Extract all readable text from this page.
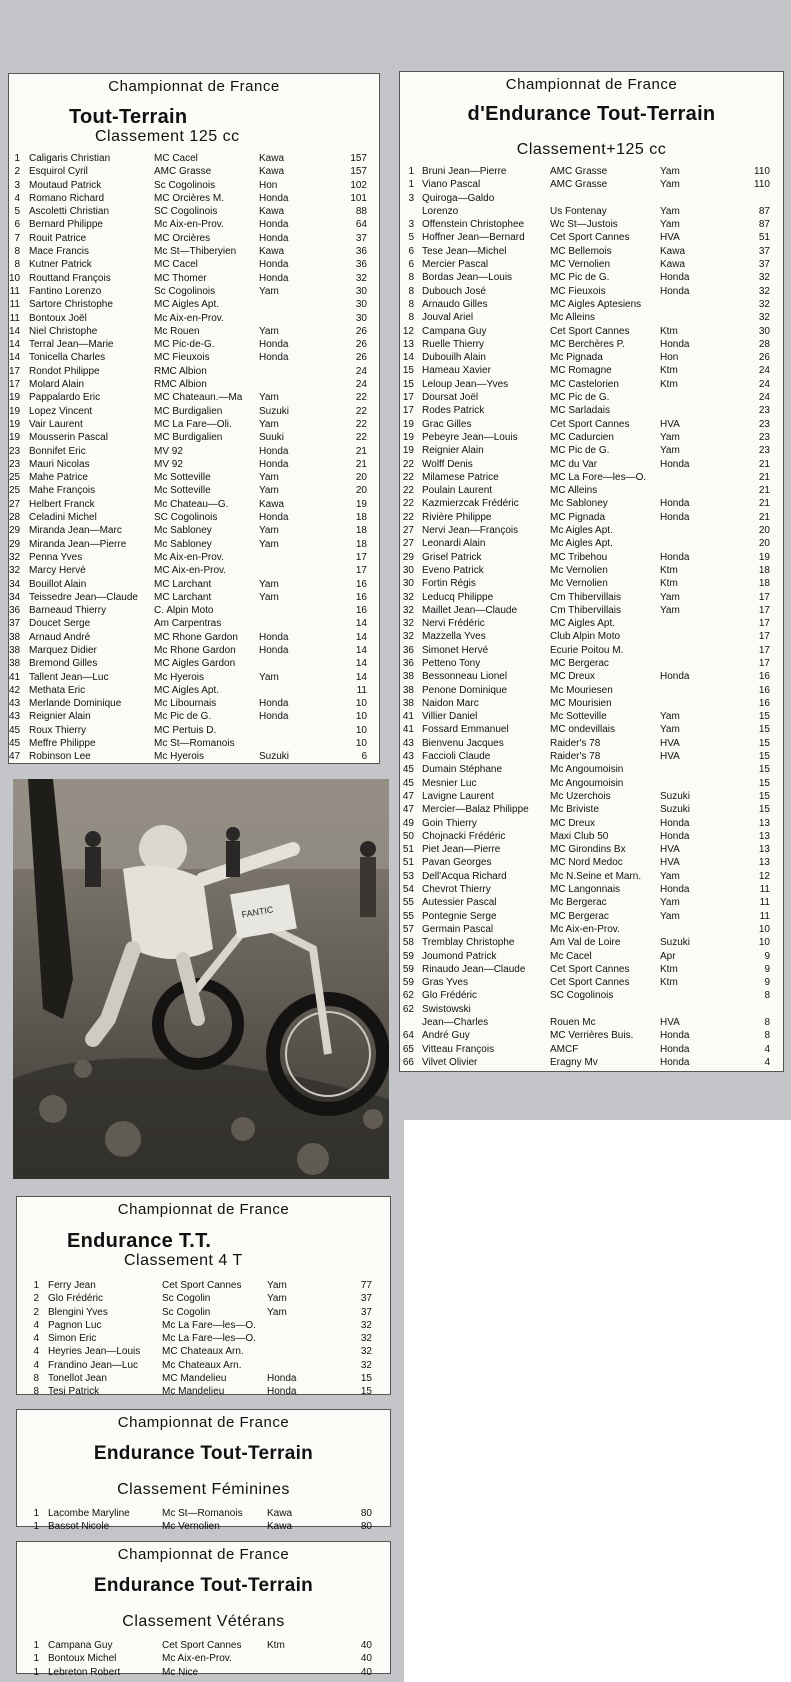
Championnat de France
Tout-Terrain
Classement 125 cc
1 Caligaris Christian	MC Cacel	Kawa	157
2 Esquirol Cyril	AMC Grasse	Kawa	157
3 Moutaud Patrick	Sc Cogolinois	Hon	102
4 Romano Richard	MC Orcières M.	Honda	101
5 Ascoletti Christian	SC Cogolinois	Kawa	88
6 Bernard Philippe	Mc Aix-en-Prov.	Honda	64
7 Rouit Patrice	MC Orcières	Honda	37
8 Mace Francis	Mc St—Thiberyien	Kawa	36
8 Kutner Patrick	MC Cacel	Honda	36
10 Routtand François	MC Thomer	Honda	32
11 Fantino Lorenzo	Sc Cogolinois	Yam	30
11 Sartore Christophe	MC Aigles Apt.	30
11 Bontoux Joël	Mc Aix-en-Prov.	30
14 Niel Christophe	Mc Rouen	Yam	26
14 Terral Jean—Marie	MC Pic-de-G.	Honda	26
14 Tonicella Charles	MC Fieuxois	Honda	26
17 Rondot Philippe	RMC Albion	24
17 Molard Alain	RMC Albion	24
19 Pappalardo Eric	MC Chateaun.—Ma	Yam	22
19 Lopez Vincent	MC Burdigalien	Suzuki	22
19 Vair Laurent	MC La Fare—Oli.	Yam	22
19 Mousserin Pascal	MC Burdigalien	Suuki	22
23 Bonnifet Eric	MV 92	Honda	21
23 Mauri Nicolas	MV 92	Honda	21
25 Mahe Patrice	Mc Sotteville	Yam	20
25 Mahe François	Mc Sotteville	Yam	20
27 Helbert Franck	Mc Chateau—G.	Kawa	19
28 Celadini Michel	SC Cogolinois	Honda	18
29 Miranda Jean—Marc	Mc Sabloney	Yam	18
29 Miranda Jean—Pierre	Mc Sabloney	Yam	18
32 Penna Yves	Mc Aix-en-Prov.	17
32 Marcy Hervé	MC Aix-en-Prov.	17
34 Bouillot Alain	MC Larchant	Yam	16
34 Teissedre Jean—Claude	MC Larchant	Yam	16
36 Barneaud Thierry	C. Alpin Moto	16
37 Doucet Serge	Am Carpentras	14
38 Arnaud André	MC Rhone Gardon	Honda	14
38 Marquez Didier	Mc Rhone Gardon	Honda	14
38 Bremond Gilles	MC Aigles Gardon	14
41 Tallent Jean—Luc	Mc Hyerois	Yam	14
42 Methata Eric	MC Aigles Apt.	11
43 Merlande Dominique	Mc Libournais	Honda	10
43 Reignier Alain	Mc Pic de G.	Honda	10
45 Roux Thierry	MC Pertuis D.	10
45 Meffre Philippe	Mc St—Romanois	10
47 Robinson Lee	Mc Hyerois	Suzuki	6
Championnat de France
d'Endurance Tout-Terrain
Classement+125 cc
1 Bruni Jean—Pierre	AMC Grasse	Yam	110
1 Viano Pascal	AMC Grasse	Yam	110
3 Quiroga—Galdo
Lorenzo	Us Fontenay	Yam	87
3 Offenstein Christophee	Wc St—Justois	Yam	87
5 Hoffner Jean—Bernard	Cet Sport Cannes	HVA	51
6 Tese Jean—Michel	MC Bellemois	Kawa	37
6 Mercier Pascal	MC Vernolien	Kawa	37
8 Bordas Jean—Louis	MC Pic de G.	Honda	32
8 Dubouch José	MC Fieuxois	Honda	32
8 Arnaudo Gilles	MC Aigles Aptesiens	32
8 Jouval Ariel	Mc Alleins	32
12 Campana Guy	Cet Sport Cannes	Ktm	30
13 Ruelle Thierry	MC Berchères P.	Honda	28
14 Dubouilh Alain	Mc Pignada	Hon	26
15 Hameau Xavier	MC Romagne	Ktm	24
15 Leloup Jean—Yves	MC Castelorien	Ktm	24
17 Doursat Joël	MC Pic de G.	24
17 Rodes Patrick	MC Sarladais	23
19 Grac Gilles	Cet Sport Cannes	HVA	23
19 Pebeyre Jean—Louis	MC Cadurcien	Yam	23
19 Reignier Alain	MC Pic de G.	Yam	23
22 Wolff Denis	MC du Var	Honda	21
22 Milamese Patrice	MC La Fore—les—O.	21
22 Poulain Laurent	MC Alleins	21
22 Kazmierzcak Frédéric	Mc Sabloney	Honda	21
22 Rivière Philippe	MC Pignada	Honda	21
27 Nervi Jean—François	Mc Aigles Apt.	20
27 Leonardi Alain	Mc Aigles Apt.	20
29 Grisel Patrick	MC Tribehou	Honda	19
30 Eveno Patrick	Mc Vernolien	Ktm	18
30 Fortin Régis	Mc Vernolien	Ktm	18
32 Leducq Philippe	Cm Thibervillais	Yam	17
32 Maillet Jean—Claude	Cm Thibervillais	Yam	17
32 Nervi Frédéric	MC Aigles Apt.	17
32 Mazzella Yves	Club Alpin Moto	17
36 Simonet Hervé	Ecurie Poitou M.	17
36 Petteno Tony	MC Bergerac	17
38 Bessonneau Lionel	MC Dreux	Honda	16
38 Penone Dominique	Mc Mouriesen	16
38 Naidon Marc	MC Mourisien	16
41 Villier Daniel	Mc Sotteville	Yam	15
41 Fossard Emmanuel	MC ondevillais	Yam	15
43 Bienvenu Jacques	Raider's 78	HVA	15
43 Faccioli Claude	Raider's 78	HVA	15
45 Dumain Stéphane	Mc Angoumoisin	15
45 Mesnier Luc	Mc Angoumoisin	15
47 Lavigne Laurent	Mc Uzerchois	Suzuki	15
47 Mercier—Balaz Philippe	Mc Briviste	Suzuki	15
49 Goin Thierry	MC Dreux	Honda	13
50 Chojnacki Frédéric	Maxi Club 50	Honda	13
51 Piet Jean—Pierre	MC Girondins Bx	HVA	13
51 Pavan Georges	MC Nord Medoc	HVA	13
53 Dell'Acqua Richard	Mc N.Seine et Marn.	Yam	12
54 Chevrot Thierry	MC Langonnais	Honda	11
55 Autessier Pascal	Mc Bergerac	Yam	11
55 Pontegnie Serge	MC Bergerac	Yam	11
57 Germain Pascal	Mc Aix-en-Prov.	10
58 Tremblay Christophe	Am Val de Loire	Suzuki	10
59 Joumond Patrick	Mc Cacel	Apr	9
59 Rinaudo Jean—Claude	Cet Sport Cannes	Ktm	9
59 Gras Yves	Cet Sport Cannes	Ktm	9
62 Glo Frédéric	SC Cogolinois	8
62 Swistowski
Jean—Charles	Rouen Mc	HVA	8
64 André Guy	MC Verrières Buis.	Honda	8
65 Vitteau François	AMCF	Honda	4
66 Vilvet Olivier	Eragny Mv	Honda	4
FANTIC
Championnat de France
Endurance T.T.
Classement 4 T
1 Ferry Jean	Cet Sport Cannes	Yam	77
2 Glo Frédéric	Sc Cogolin	Yam	37
2 Blengini Yves	Sc Cogolin	Yam	37
4 Pagnon Luc	Mc La Fare—les—O.	32
4 Simon Eric	Mc La Fare—les—O.	32
4 Heyries Jean—Louis	MC Chateaux Arn.	32
4 Frandino Jean—Luc	Mc Chateaux Arn.	32
8 Tonellot Jean	MC Mandelieu	Honda	15
8 Tesi Patrick	Mc Mandelieu	Honda	15
Championnat de France
Endurance Tout-Terrain
Classement Féminines
1 Lacombe Maryline	Mc St—Romanois	Kawa	80
1 Bassot Nicole	Mc Vernolien	Kawa	80
Championnat de France
Endurance Tout-Terrain
Classement Vétérans
1 Campana Guy	Cet Sport Cannes	Ktm	40
1 Bontoux Michel	Mc Aix-en-Prov.	40
1 Lebreton Robert	Mc Nice	40
